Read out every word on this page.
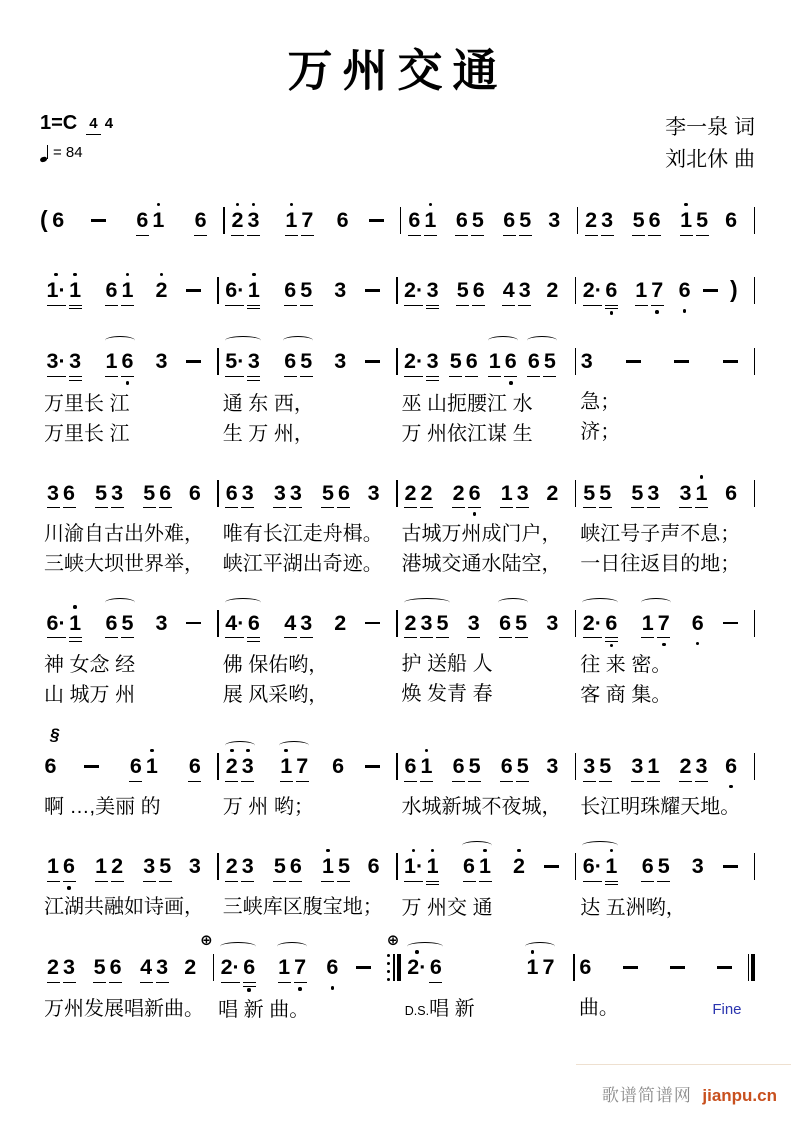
万州交通
1=C 4 4
= 84
李一泉 词
刘北休 曲
( 6	6 1 6 2 3 1 7 6	6 1 6 5 6 5 3 2 3 5 6 1 5 6
1· 1 6 1 2	6· 1 6 5 3	2· 3 5 6 4 3 2 2· 6 1 7 6 )
3· 3 1 6 3
万里长 江
万里长 江
5· 3 6 5 3
通 东 西，
生 万 州，
2· 3 5 6 1 6 6 5
巫 山扼腰江 水
万 州依江谋 生
3
急；
济；
3 6 5 3 5 6 6
川渝自古出外难，
三峡大坝世界举，
6 3 3 3 5 6 3
唯有长江走舟楫。
峡江平湖出奇迹。
2 2 2 6 1 3 2
古城万州成门户，
港城交通水陆空，
5 5 5 3 3 1 6
峡江号子声不息；
一日往返目的地；
6· 1 6 5 3
神 女念 经
山 城万 州
4· 6 4 3 2
佛 保佑哟，
展 风采哟，
2 3 5 3 6 5 3
护 送船 人
焕 发青 春
2· 6 1 7 6
往 来 密。
客 商 集。
§
6	6 1 6
啊 …,美丽 的
2 3 1 7 6
万 州 哟；
6 1 6 5 6 5 3
水城新城不夜城，
3 5 3 1 2 3 6
长江明珠耀天地。
1 6 1 2 3 5 3
江湖共融如诗画，
2 3 5 6 1 5 6
三峡库区腹宝地；
1· 1 6 1 2
万 州交 通
6· 1 6 5 3
达 五洲哟，
2 3 5 6 4 3 2
万州发展唱新曲。
⊕
2· 6 1 7 6
唱 新 曲。
⊕
2· 6	1 7
D.S. 唱 新
6
曲。	Fine
歌谱简谱网 jianpu.cn
